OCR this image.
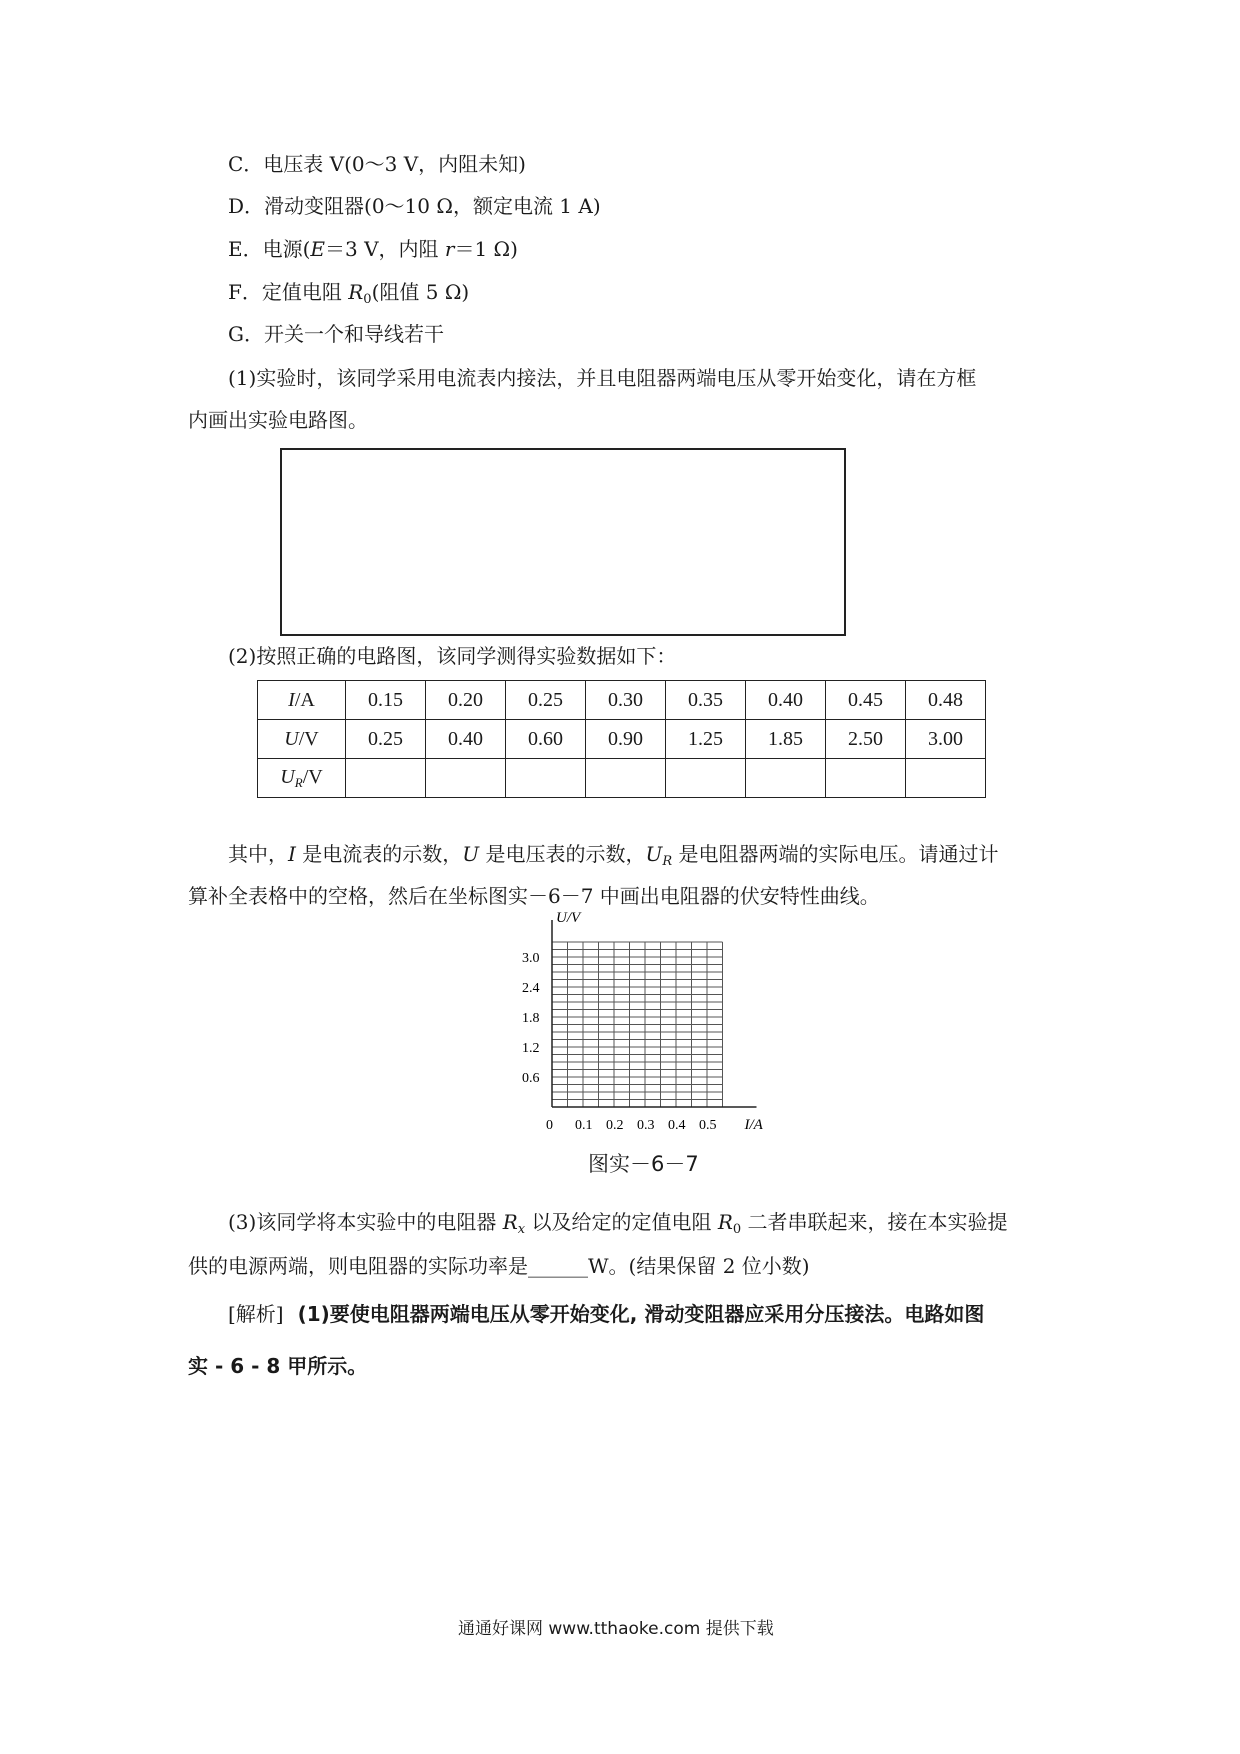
C．电压表 V(0～3 V，内阻未知)
D．滑动变阻器(0～10 Ω，额定电流 1 A)
E．电源(E＝3 V，内阻 r＝1 Ω)
F．定值电阻 $R_0$(阻值 5 Ω)
G．开关一个和导线若干
(1)实验时，该同学采用电流表内接法，并且电阻器两端电压从零开始变化，请在方框
内画出实验电路图。
(2)按照正确的电路图，该同学测得实验数据如下：
I/A	0.15	0.20	0.25	0.30	0.35	0.40	0.45	0.48
U/V	0.25	0.40	0.60	0.90	1.25	1.85	2.50	3.00
$U_R/V$								
其中，I 是电流表的示数，U 是电压表的示数，$U_R$ 是电阻器两端的实际电压。请通过计
算补全表格中的空格，然后在坐标图实－6－7 中画出电阻器的伏安特性曲线。
U/V
I/A
0 0.1 0.2 0.3 0.4 0.5
0.6
1.2
1.8
2.4
3.0
图实－6－7
(3)该同学将本实验中的电阻器 $R_x$ 以及给定的定值电阻 $R_0$ 二者串联起来，接在本实验提
供的电源两端，则电阻器的实际功率是______W。(结果保留 2 位小数)
[解析] (1)要使电阻器两端电压从零开始变化, 滑动变阻器应采用分压接法。电路如图
实 - 6 - 8 甲所示。
通通好课网 www.tthaoke.com 提供下载
